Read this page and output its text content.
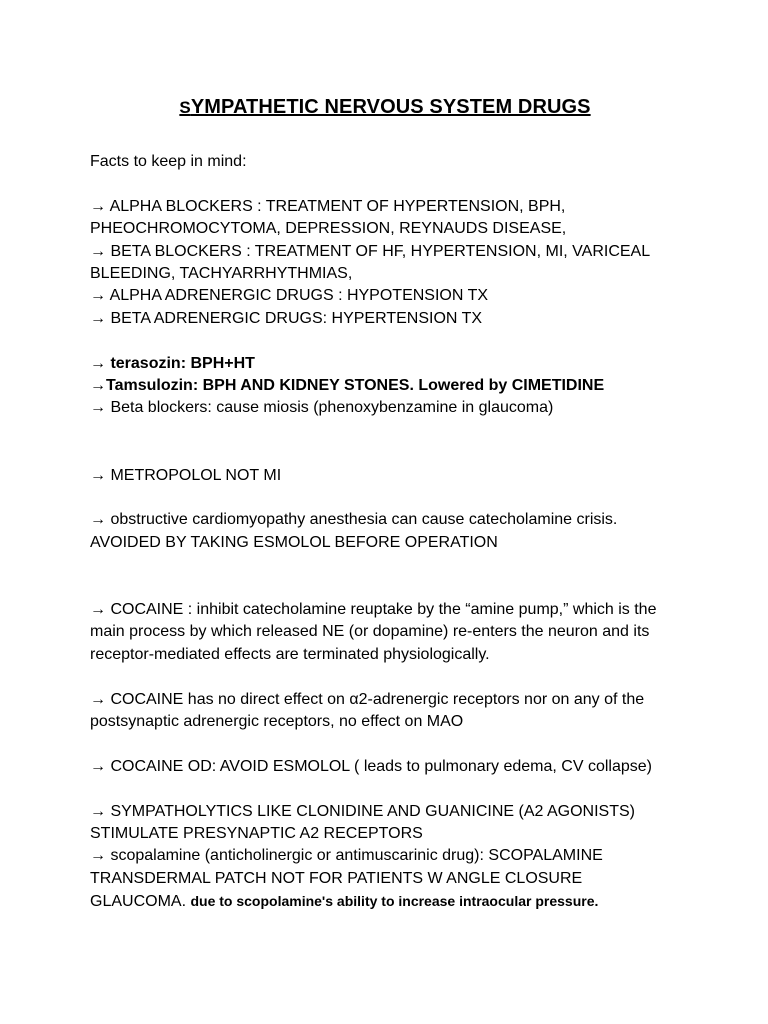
SYMPATHETIC NERVOUS SYSTEM DRUGS

Facts to keep in mind:

→ ALPHA BLOCKERS : TREATMENT OF HYPERTENSION, BPH, PHEOCHROMOCYTOMA, DEPRESSION, REYNAUDS DISEASE,

→ BETA BLOCKERS : TREATMENT OF HF, HYPERTENSION, MI, VARICEAL BLEEDING, TACHYARRHYTHMIAS,

→ ALPHA ADRENERGIC DRUGS : HYPOTENSION TX

→ BETA ADRENERGIC DRUGS: HYPERTENSION TX

→ terasozin: BPH+HT

→Tamsulozin: BPH AND KIDNEY STONES. Lowered by CIMETIDINE

→ Beta blockers: cause miosis (phenoxybenzamine in glaucoma)

→ METROPOLOL NOT MI

→ obstructive cardiomyopathy anesthesia can cause catecholamine crisis. AVOIDED BY TAKING ESMOLOL BEFORE OPERATION

→ COCAINE : inhibit catecholamine reuptake by the “amine pump,” which is the main process by which released NE (or dopamine) re-enters the neuron and its receptor-mediated effects are terminated physiologically.

→ COCAINE has no direct effect on α2-adrenergic receptors nor on any of the postsynaptic adrenergic receptors, no effect on MAO

→ COCAINE OD: AVOID ESMOLOL ( leads to pulmonary edema, CV collapse)

→ SYMPATHOLYTICS LIKE CLONIDINE AND GUANICINE (A2 AGONISTS) STIMULATE PRESYNAPTIC A2 RECEPTORS

→ scopalamine (anticholinergic or antimuscarinic drug): SCOPALAMINE TRANSDERMAL PATCH NOT FOR PATIENTS W ANGLE CLOSURE GLAUCOMA. due to scopolamine's ability to increase intraocular pressure.
